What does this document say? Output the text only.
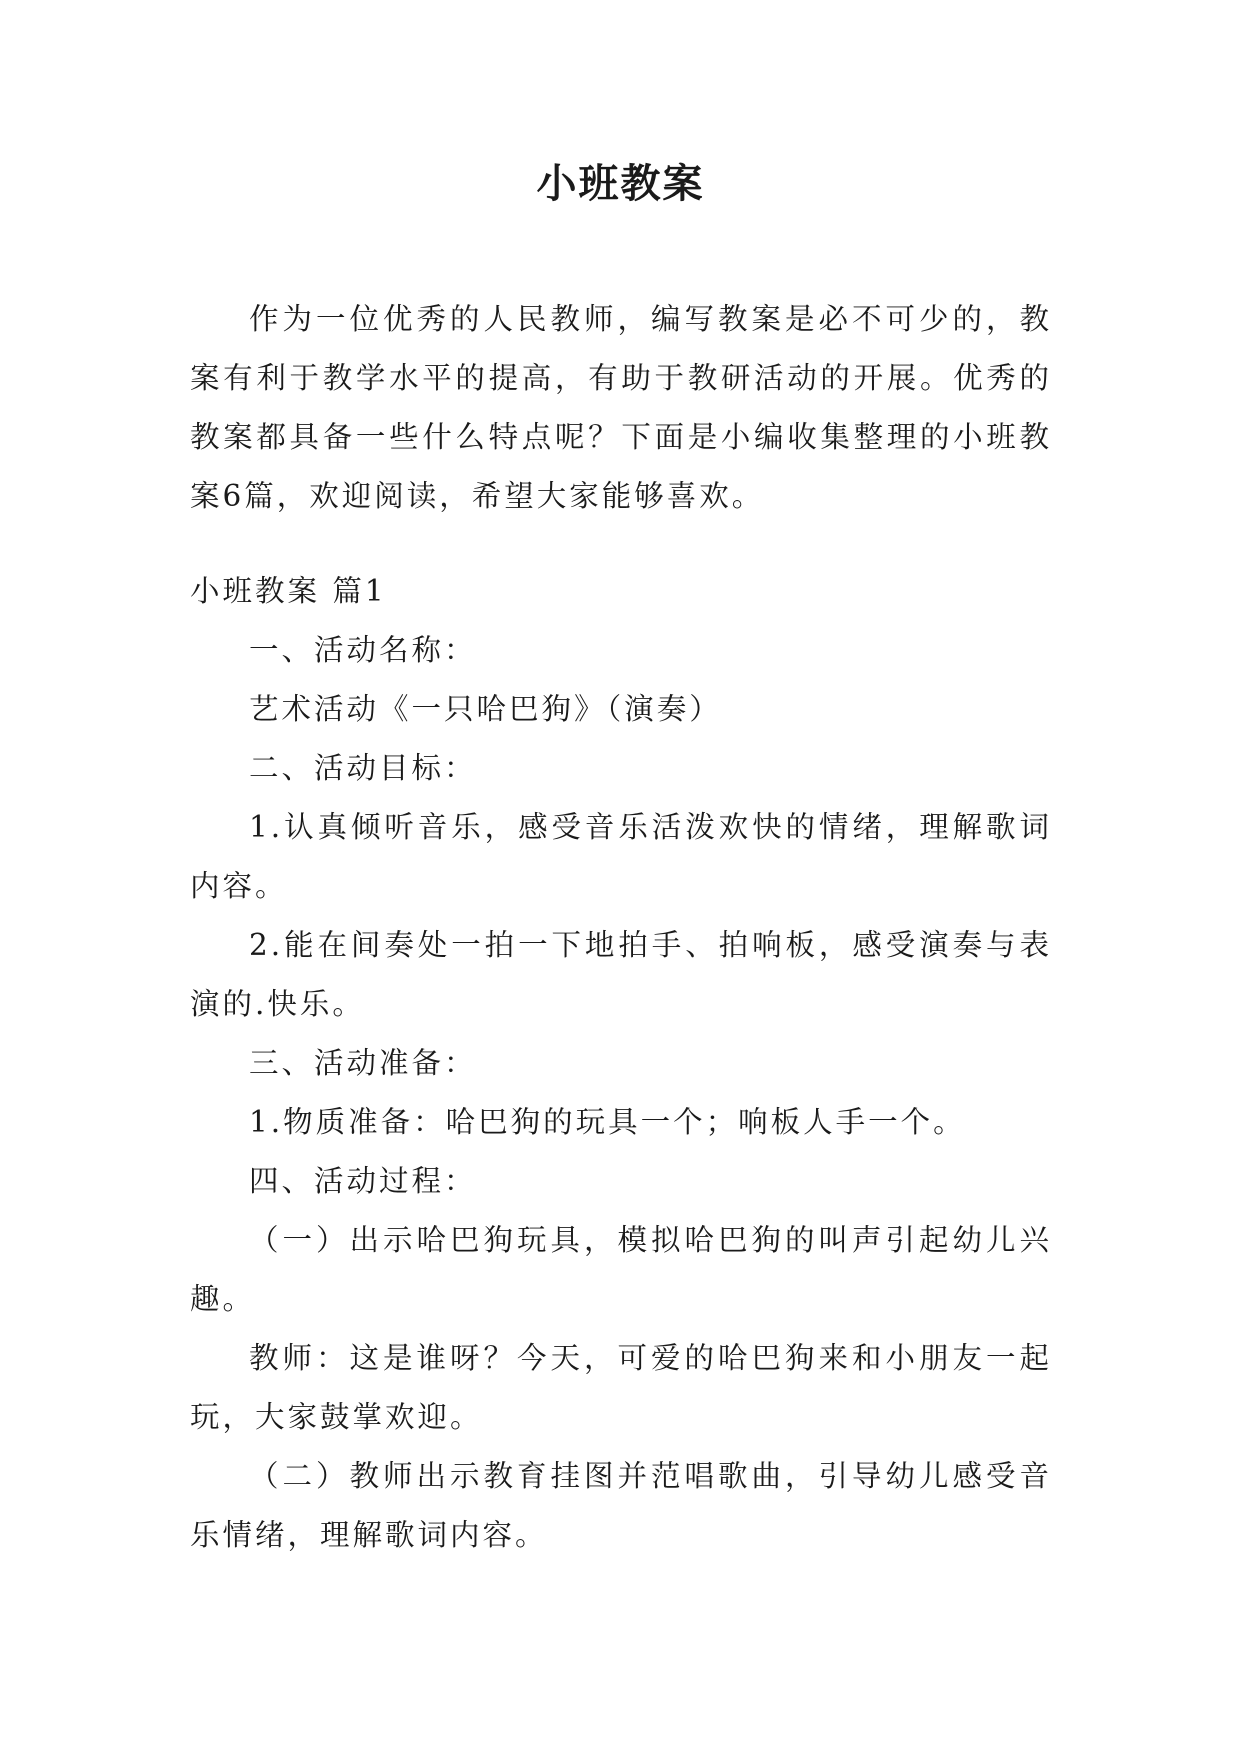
小班教案

作为一位优秀的人民教师，编写教案是必不可少的，教案有利于教学水平的提高，有助于教研活动的开展。优秀的教案都具备一些什么特点呢？下面是小编收集整理的小班教案6篇，欢迎阅读，希望大家能够喜欢。

小班教案 篇1

一、活动名称：

艺术活动《一只哈巴狗》（演奏）

二、活动目标：

1.认真倾听音乐，感受音乐活泼欢快的情绪，理解歌词内容。

2.能在间奏处一拍一下地拍手、拍响板，感受演奏与表演的.快乐。

三、活动准备：

1.物质准备：哈巴狗的玩具一个；响板人手一个。

四、活动过程：

（一）出示哈巴狗玩具，模拟哈巴狗的叫声引起幼儿兴趣。

教师：这是谁呀？今天，可爱的哈巴狗来和小朋友一起玩，大家鼓掌欢迎。

（二）教师出示教育挂图并范唱歌曲，引导幼儿感受音乐情绪，理解歌词内容。
